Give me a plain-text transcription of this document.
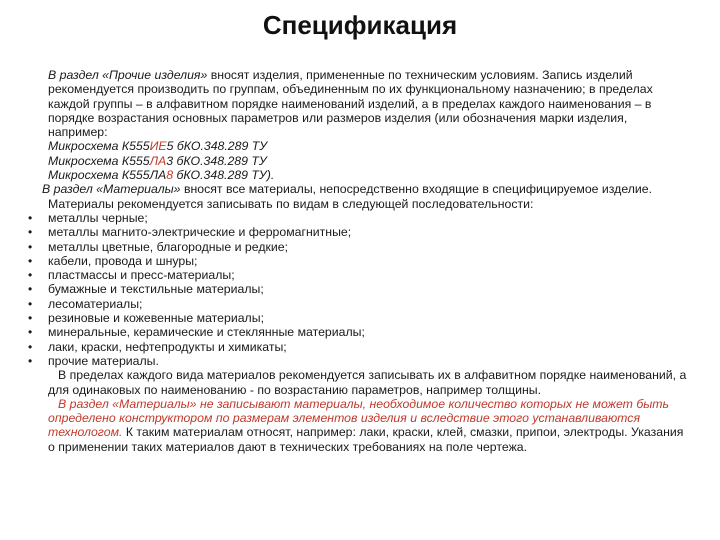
Спецификация

В раздел «Прочие изделия» вносят изделия, примененные по техническим условиям. Запись изделий рекомендуется производить по группам, объединенным по их функциональному назначению; в пределах каждой группы – в алфавитном порядке наименований изделий, а в пределах каждого наименования – в порядке возрастания основных параметров или размеров изделия (или обозначения марки изделия, например:

Микросхема К555ИЕ5 бКО.348.289 ТУ

Микросхема К555ЛА3 бКО.348.289 ТУ

Микросхема К555ЛА8 бКО.348.289 ТУ).

В раздел «Материалы» вносят все материалы, непосредственно входящие в специфицируемое изделие. Материалы рекомендуется записывать по видам в следующей последовательности:

• металлы черные;
• металлы магнито-электрические и ферромагнитные;
• металлы цветные, благородные и редкие;
• кабели, провода и шнуры;
• пластмассы и пресс-материалы;
• бумажные и текстильные материалы;
• лесоматериалы;
• резиновые и кожевенные материалы;
• минеральные, керамические и стеклянные материалы;
• лаки, краски, нефтепродукты и химикаты;
• прочие материалы.

В пределах каждого вида материалов рекомендуется записывать их в алфавитном порядке наименований, а для одинаковых по наименованию - по возрастанию параметров, например толщины.

В раздел «Материалы» не записывают материалы, необходимое количество которых не может быть определено конструктором по размерам элементов изделия и вследствие этого устанавливаются технологом. К таким материалам относят, например: лаки, краски, клей, смазки, припои, электроды. Указания о применении таких материалов дают в технических требованиях на поле чертежа.
